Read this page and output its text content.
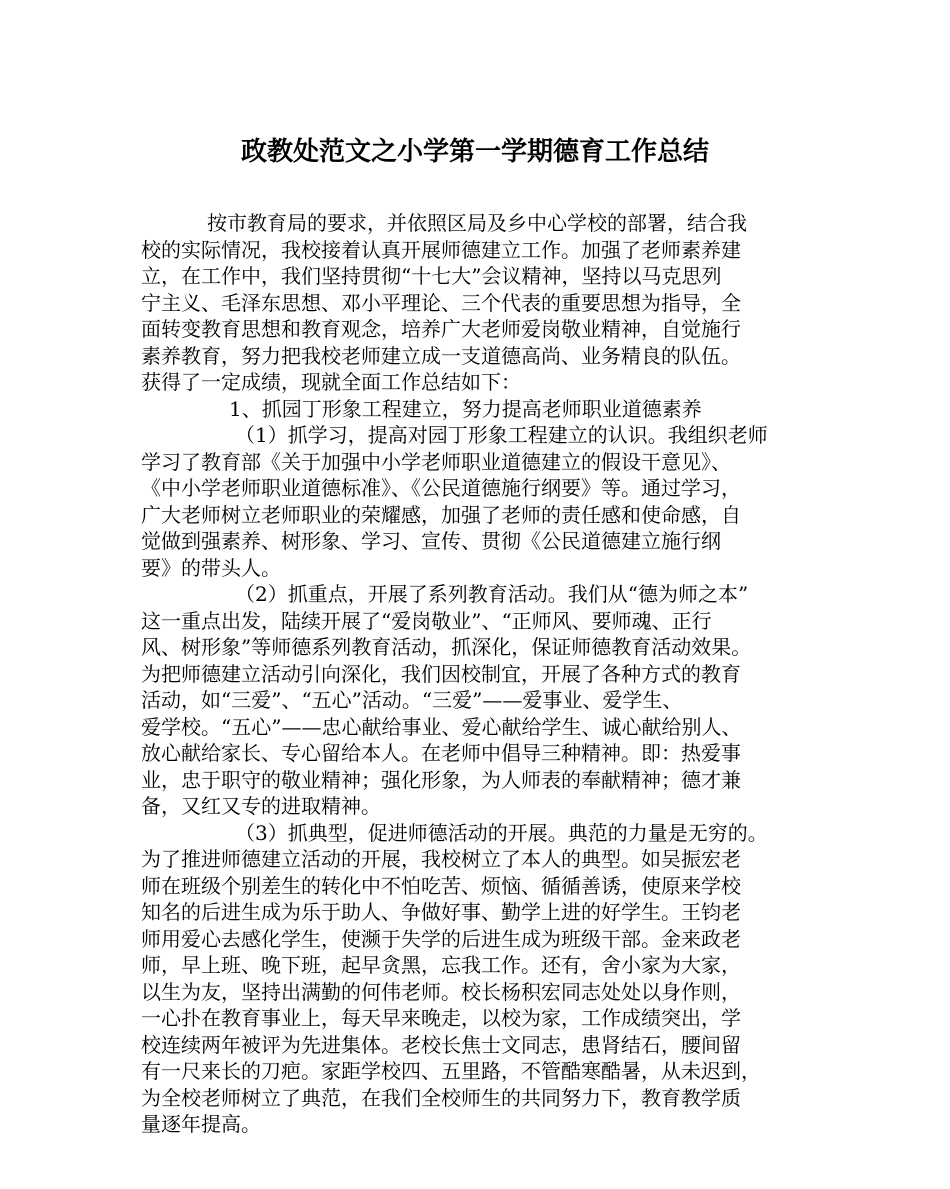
政教处范文之小学第一学期德育工作总结
按市教育局的要求，并依照区局及乡中心学校的部署，结合我
校的实际情况，我校接着认真开展师德建立工作。加强了老师素养建
立，在工作中，我们坚持贯彻“十七大”会议精神，坚持以马克思列
宁主义、毛泽东思想、邓小平理论、三个代表的重要思想为指导，全
面转变教育思想和教育观念，培养广大老师爱岗敬业精神，自觉施行
素养教育，努力把我校老师建立成一支道德高尚、业务精良的队伍。
获得了一定成绩，现就全面工作总结如下：
1、抓园丁形象工程建立，努力提高老师职业道德素养
（1）抓学习，提高对园丁形象工程建立的认识。我组织老师
学习了教育部《关于加强中小学老师职业道德建立的假设干意见》、
《中小学老师职业道德标准》、《公民道德施行纲要》等。通过学习，
广大老师树立老师职业的荣耀感，加强了老师的责任感和使命感，自
觉做到强素养、树形象、学习、宣传、贯彻《公民道德建立施行纲
要》的带头人。
（2）抓重点，开展了系列教育活动。我们从“德为师之本”
这一重点出发，陆续开展了“爱岗敬业”、“正师风、要师魂、正行
风、树形象”等师德系列教育活动，抓深化，保证师德教育活动效果。
为把师德建立活动引向深化，我们因校制宜，开展了各种方式的教育
活动，如“三爱”、“五心”活动。“三爱”——爱事业、爱学生、
爱学校。“五心”——忠心献给事业、爱心献给学生、诚心献给别人、
放心献给家长、专心留给本人。在老师中倡导三种精神。即：热爱事
业，忠于职守的敬业精神；强化形象，为人师表的奉献精神；德才兼
备，又红又专的进取精神。
（3）抓典型，促进师德活动的开展。典范的力量是无穷的。
为了推进师德建立活动的开展，我校树立了本人的典型。如吴振宏老
师在班级个别差生的转化中不怕吃苦、烦恼、循循善诱，使原来学校
知名的后进生成为乐于助人、争做好事、勤学上进的好学生。王钧老
师用爱心去感化学生，使濒于失学的后进生成为班级干部。金来政老
师，早上班、晚下班，起早贪黑，忘我工作。还有，舍小家为大家，
以生为友，坚持出满勤的何伟老师。校长杨积宏同志处处以身作则，
一心扑在教育事业上，每天早来晚走，以校为家，工作成绩突出，学
校连续两年被评为先进集体。老校长焦士文同志，患肾结石，腰间留
有一尺来长的刀疤。家距学校四、五里路，不管酷寒酷暑，从未迟到，
为全校老师树立了典范，在我们全校师生的共同努力下，教育教学质
量逐年提高。
